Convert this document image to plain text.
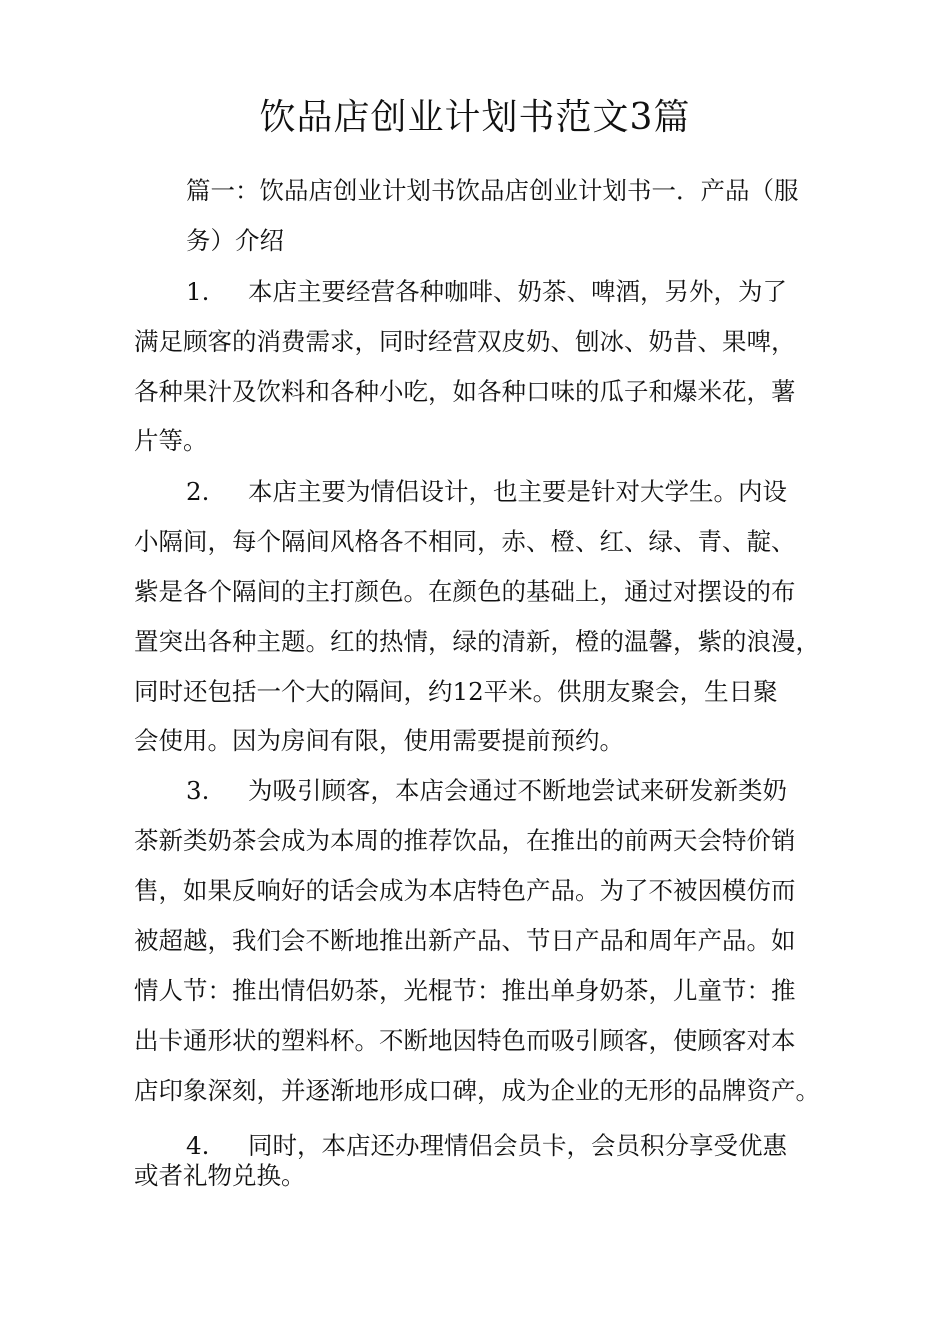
饮品店创业计划书范文3篇
篇一：饮品店创业计划书饮品店创业计划书一．产品（服
务）介绍
1. 本店主要经营各种咖啡、奶茶、啤酒，另外，为了
满足顾客的消费需求，同时经营双皮奶、刨冰、奶昔、果啤，
各种果汁及饮料和各种小吃，如各种口味的瓜子和爆米花，薯
片等。
2. 本店主要为情侣设计，也主要是针对大学生。内设
小隔间，每个隔间风格各不相同，赤、橙、红、绿、青、靛、
紫是各个隔间的主打颜色。在颜色的基础上，通过对摆设的布
置突出各种主题。红的热情，绿的清新，橙的温馨，紫的浪漫，
同时还包括一个大的隔间，约12平米。供朋友聚会，生日聚
会使用。因为房间有限，使用需要提前预约。
3. 为吸引顾客，本店会通过不断地尝试来研发新类奶
茶新类奶茶会成为本周的推荐饮品，在推出的前两天会特价销
售，如果反响好的话会成为本店特色产品。为了不被因模仿而
被超越，我们会不断地推出新产品、节日产品和周年产品。如
情人节：推出情侣奶茶，光棍节：推出单身奶茶，儿童节：推
出卡通形状的塑料杯。不断地因特色而吸引顾客，使顾客对本
店印象深刻，并逐渐地形成口碑，成为企业的无形的品牌资产。
4. 同时，本店还办理情侣会员卡，会员积分享受优惠
或者礼物兑换。
